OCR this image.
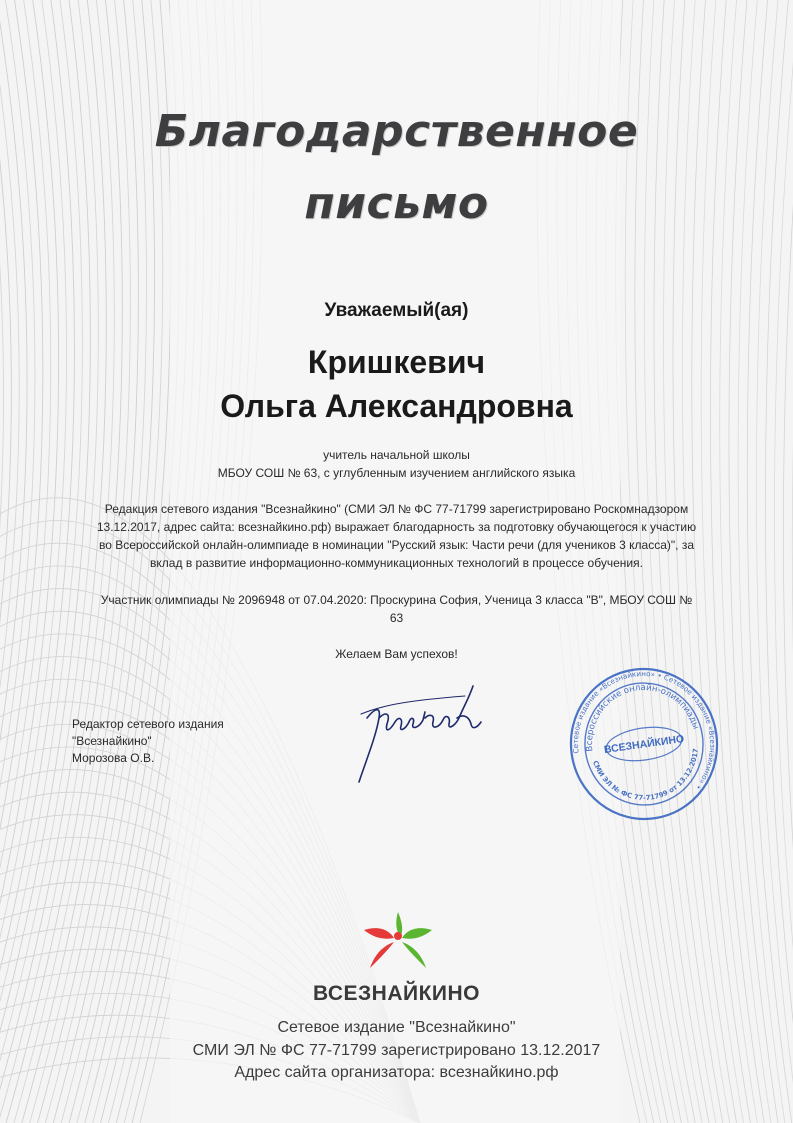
Благодарственное
письмо
Уважаемый(ая)
Кришкевич
Ольга Александровна
учитель начальной школы
МБОУ СОШ № 63, с углубленным изучением английского языка
Редакция сетевого издания "Всезнайкино" (СМИ ЭЛ № ФС 77-71799 зарегистрировано Роскомнадзором
13.12.2017, адрес сайта: всезнайкино.рф) выражает благодарность за подготовку обучающегося к участию
во Всероссийской онлайн-олимпиаде в номинации "Русский язык: Части речи (для учеников 3 класса)", за
вклад в развитие информационно-коммуникационных технологий в процессе обучения.
Участник олимпиады № 2096948 от 07.04.2020: Проскурина София, Ученица 3 класса "В", МБОУ СОШ №
63
Желаем Вам успехов!
Редактор сетевого издания
"Всезнайкино"
Морозова О.В.	Сетевое издание «Всезнайкино» • Сетевое издание «Всезнайкино» •
Всероссийские онлайн-олимпиады
СМИ ЭЛ № ФС 77-71799 от 13.12.2017
ВСЕЗНАЙКИНО
ВСЕЗНАЙКИНО
Сетевое издание "Всезнайкино"
СМИ ЭЛ № ФС 77-71799 зарегистрировано 13.12.2017
Адрес сайта организатора: всезнайкино.рф
